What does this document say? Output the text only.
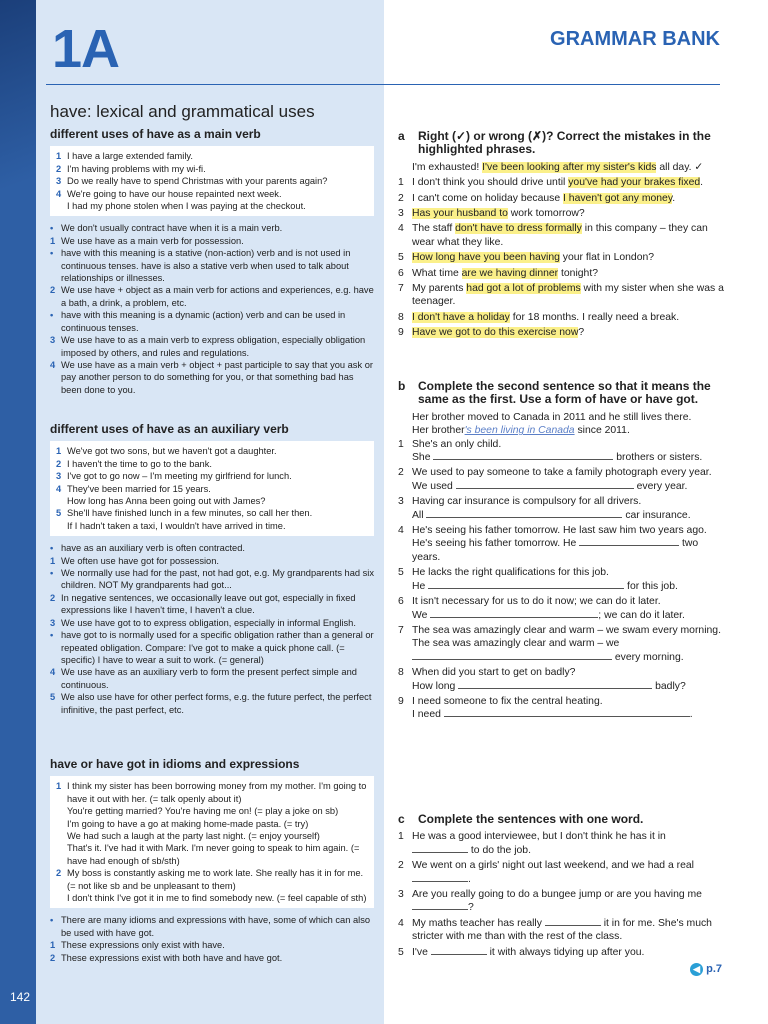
1A	GRAMMAR BANK
142
have: lexical and grammatical uses
different uses of have as a main verb
1 I have a large extended family.
2 I'm having problems with my wi-fi.
3 Do we really have to spend Christmas with your parents again?
4 We're going to have our house repainted next week.
I had my phone stolen when I was paying at the checkout.
• We don't usually contract have when it is a main verb.
1 We use have as a main verb for possession.
• have with this meaning is a stative (non-action) verb and is not used in continuous tenses. have is also a stative verb when used to talk about relationships or illnesses.
2 We use have + object as a main verb for actions and experiences, e.g. have a bath, a drink, a problem, etc.
• have with this meaning is a dynamic (action) verb and can be used in continuous tenses.
3 We use have to as a main verb to express obligation, especially obligation imposed by others, and rules and regulations.
4 We use have as a main verb + object + past participle to say that you ask or pay another person to do something for you, or that something bad has been done to you.
different uses of have as an auxiliary verb
1 We've got two sons, but we haven't got a daughter.
2 I haven't the time to go to the bank.
3 I've got to go now – I'm meeting my girlfriend for lunch.
4 They've been married for 15 years.
How long has Anna been going out with James?
5 She'll have finished lunch in a few minutes, so call her then.
If I hadn't taken a taxi, I wouldn't have arrived in time.
• have as an auxiliary verb is often contracted.
1 We often use have got for possession.
• We normally use had for the past, not had got, e.g. My grandparents had six children. NOT My grandparents had got...
2 In negative sentences, we occasionally leave out got, especially in fixed expressions like I haven't time, I haven't a clue.
3 We use have got to to express obligation, especially in informal English.
• have got to is normally used for a specific obligation rather than a general or repeated obligation. Compare: I've got to make a quick phone call. (= specific) I have to wear a suit to work. (= general)
4 We use have as an auxiliary verb to form the present perfect simple and continuous.
5 We also use have for other perfect forms, e.g. the future perfect, the perfect infinitive, the past perfect, etc.
have or have got in idioms and expressions
1 I think my sister has been borrowing money from my mother. I'm going to have it out with her. (= talk openly about it)
You're getting married? You're having me on! (= play a joke on sb)
I'm going to have a go at making home-made pasta. (= try)
We had such a laugh at the party last night. (= enjoy yourself)
That's it. I've had it with Mark. I'm never going to speak to him again. (= have had enough of sb/sth)
2 My boss is constantly asking me to work late. She really has it in for me. (= not like sb and be unpleasant to them)
I don't think I've got it in me to find somebody new. (= feel capable of sth)
• There are many idioms and expressions with have, some of which can also be used with have got.
1 These expressions only exist with have.
2 These expressions exist with both have and have got.
a	Right (✓) or wrong (✗)? Correct the mistakes in the highlighted phrases.
I'm exhausted! I've been looking after my sister's kids all day. ✓
1 I don't think you should drive until you've had your brakes fixed.
2 I can't come on holiday because I haven't got any money.
3 Has your husband to work tomorrow?
4 The staff don't have to dress formally in this company – they can wear what they like.
5 How long have you been having your flat in London?
6 What time are we having dinner tonight?
7 My parents had got a lot of problems with my sister when she was a teenager.
8 I don't have a holiday for 18 months. I really need a break.
9 Have we got to do this exercise now?
b	Complete the second sentence so that it means the same as the first. Use a form of have or have got.
Her brother moved to Canada in 2011 and he still lives there.
Her brother's been living in Canada since 2011.
1 She's an only child.
She	brothers or sisters.
2 We used to pay someone to take a family photograph every year.
We used	every year.
3 Having car insurance is compulsory for all drivers.
All	car insurance.
4 He's seeing his father tomorrow. He last saw him two years ago.
He's seeing his father tomorrow. He	two years.
5 He lacks the right qualifications for this job.
He	for this job.
6 It isn't necessary for us to do it now; we can do it later.
We	; we can do it later.
7 The sea was amazingly clear and warm – we swam every morning.
The sea was amazingly clear and warm – we  every morning.
8 When did you start to get on badly?
How long	badly?
9 I need someone to fix the central heating.
I need	.
c	Complete the sentences with one word.
1 He was a good interviewee, but I don't think he has it in  to do the job.
2 We went on a girls' night out last weekend, and we had a real .
3 Are you really going to do a bungee jump or are you having me ?
4 My maths teacher has really	it in for me. She's much stricter with me than with the rest of the class.
5 I've	it with always tidying up after you.
◀ p.7
